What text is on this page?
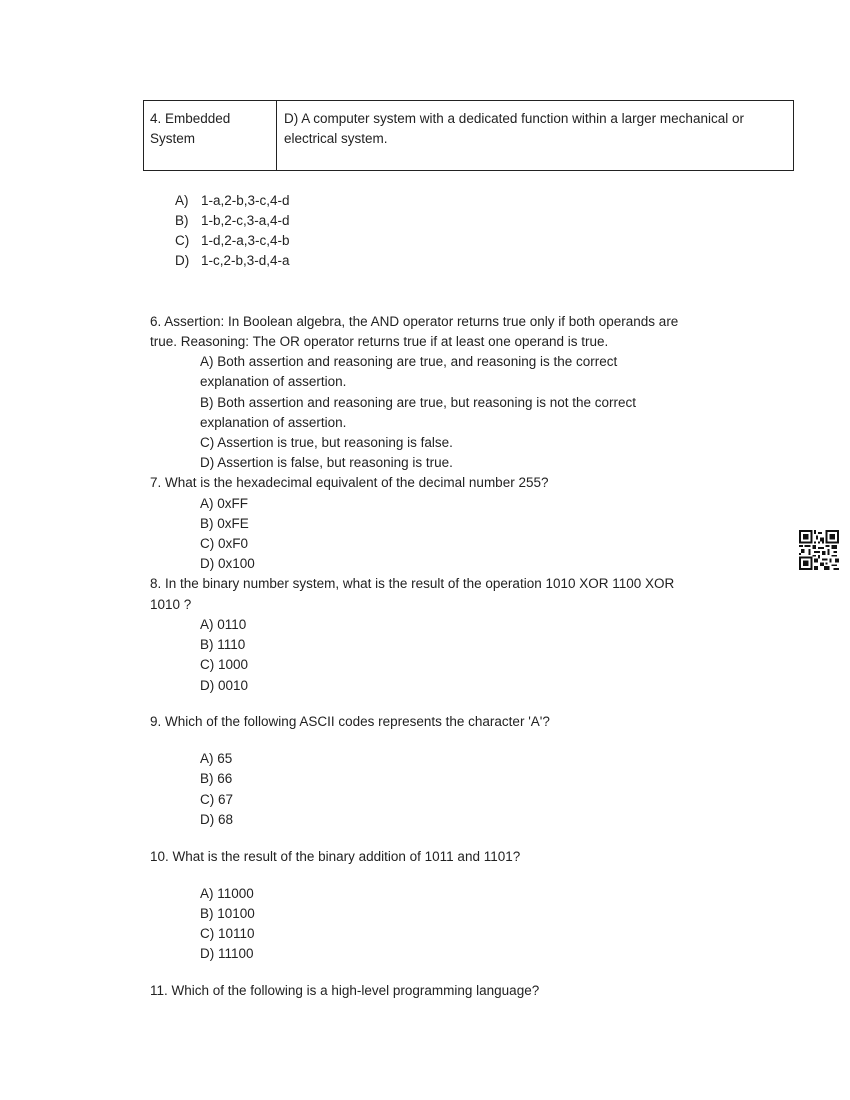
4. Embedded System
D) A computer system with a dedicated function within a larger mechanical or electrical system.
A) 1-a,2-b,3-c,4-d
B) 1-b,2-c,3-a,4-d
C) 1-d,2-a,3-c,4-b
D) 1-c,2-b,3-d,4-a
6. Assertion: In Boolean algebra, the AND operator returns true only if both operands are
true. Reasoning: The OR operator returns true if at least one operand is true.
A) Both assertion and reasoning are true, and reasoning is the correct
explanation of assertion.
B) Both assertion and reasoning are true, but reasoning is not the correct
explanation of assertion.
C) Assertion is true, but reasoning is false.
D) Assertion is false, but reasoning is true.
7. What is the hexadecimal equivalent of the decimal number 255?
A) 0xFF
B) 0xFE
C) 0xF0
D) 0x100
8. In the binary number system, what is the result of the operation 1010 XOR 1100 XOR
1010 ?
A) 0110
B) 1110
C) 1000
D) 0010
9. Which of the following ASCII codes represents the character 'A'?
A) 65
B) 66
C) 67
D) 68
10. What is the result of the binary addition of 1011 and 1101?
A) 11000
B) 10100
C) 10110
D) 11100
11. Which of the following is a high-level programming language?
